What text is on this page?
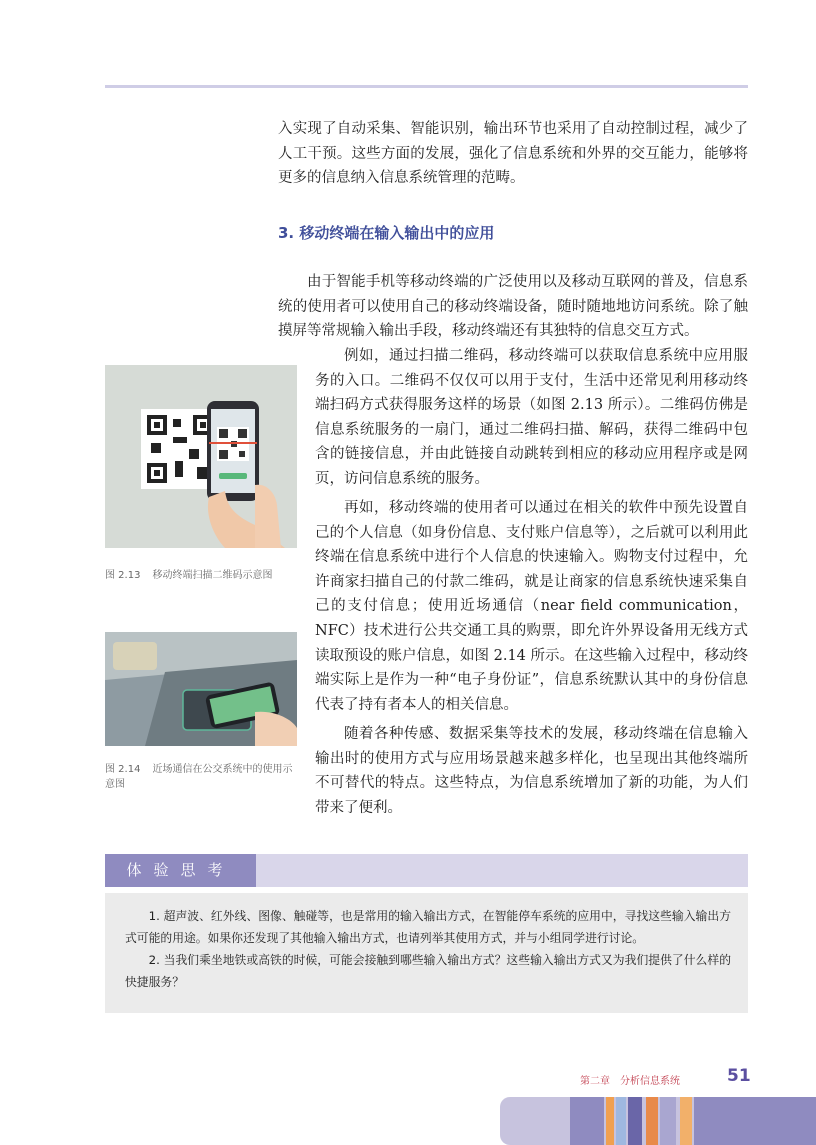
入实现了自动采集、智能识别，输出环节也采用了自动控制过程，减少了人工干预。这些方面的发展，强化了信息系统和外界的交互能力，能够将更多的信息纳入信息系统管理的范畴。

3. 移动终端在输入输出中的应用

由于智能手机等移动终端的广泛使用以及移动互联网的普及，信息系统的使用者可以使用自己的移动终端设备，随时随地地访问系统。除了触摸屏等常规输入输出手段，移动终端还有其独特的信息交互方式。

例如，通过扫描二维码，移动终端可以获取信息系统中应用服务的入口。二维码不仅仅可以用于支付，生活中还常见利用移动终端扫码方式获得服务这样的场景（如图 2.13 所示）。二维码仿佛是信息系统服务的一扇门，通过二维码扫描、解码，获得二维码中包含的链接信息，并由此链接自动跳转到相应的移动应用程序或是网页，访问信息系统的服务。

再如，移动终端的使用者可以通过在相关的软件中预先设置自己的个人信息（如身份信息、支付账户信息等），之后就可以利用此终端在信息系统中进行个人信息的快速输入。购物支付过程中，允许商家扫描自己的付款二维码，就是让商家的信息系统快速采集自己的支付信息；使用近场通信（near field communication，NFC）技术进行公共交通工具的购票，即允许外界设备用无线方式读取预设的账户信息，如图 2.14 所示。在这些输入过程中，移动终端实际上是作为一种“电子身份证”，信息系统默认其中的身份信息代表了持有者本人的相关信息。

随着各种传感、数据采集等技术的发展，移动终端在信息输入输出时的使用方式与应用场景越来越多样化，也呈现出其他终端所不可替代的特点。这些特点，为信息系统增加了新的功能，为人们带来了便利。

图 2.13 移动终端扫描二维码示意图

图 2.14 近场通信在公交系统中的使用示意图

体验思考

1. 超声波、红外线、图像、触碰等，也是常用的输入输出方式，在智能停车系统的应用中，寻找这些输入输出方式可能的用途。如果你还发现了其他输入输出方式，也请列举其使用方式，并与小组同学进行讨论。

2. 当我们乘坐地铁或高铁的时候，可能会接触到哪些输入输出方式？这些输入输出方式又为我们提供了什么样的快捷服务？

第二章　分析信息系统	51
